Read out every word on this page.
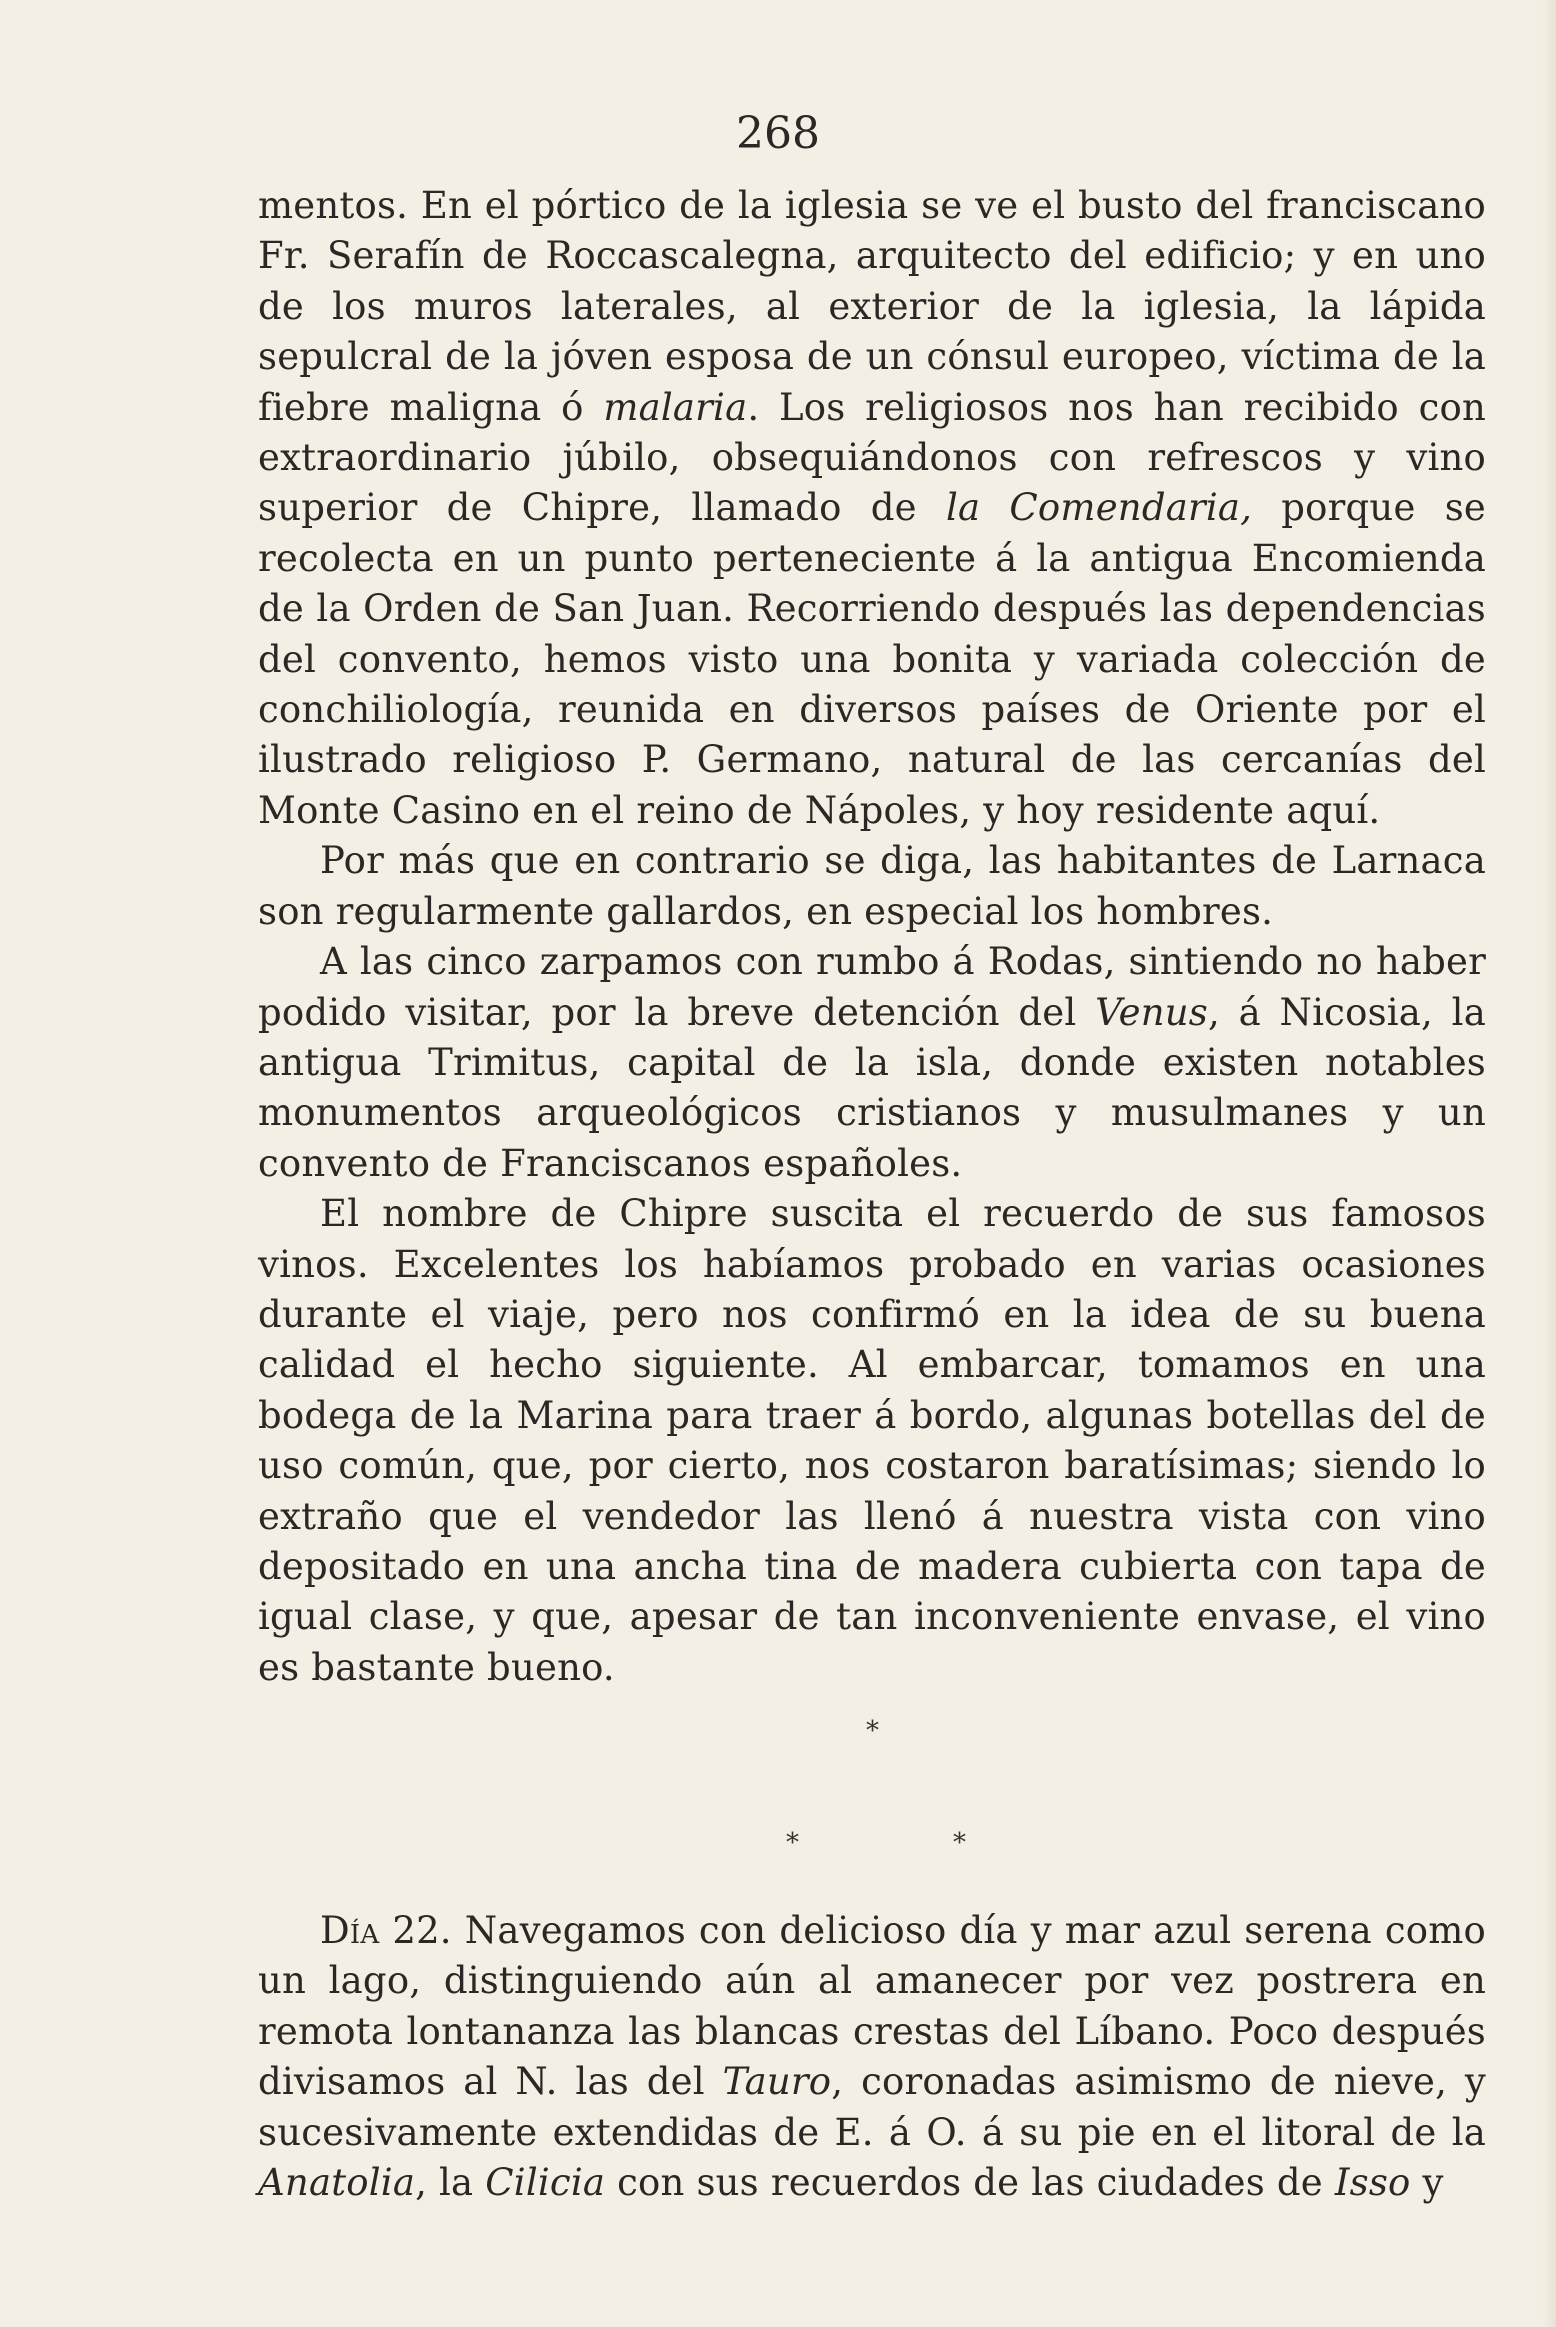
268

mentos. En el pórtico de la iglesia se ve el busto del franciscano Fr. Serafín de Roccascalegna, arquitecto del edificio; y en uno de los muros laterales, al exterior de la iglesia, la lápida sepulcral de la jóven esposa de un cónsul europeo, víctima de la fiebre maligna ó malaria. Los religiosos nos han recibido con extraordinario júbilo, obsequiándonos con refrescos y vino superior de Chipre, llamado de la Comendaria, porque se recolecta en un punto perteneciente á la antigua Encomienda de la Orden de San Juan. Recorriendo después las dependencias del convento, hemos visto una bonita y variada colección de conchiliología, reunida en diversos países de Oriente por el ilustrado religioso P. Germano, natural de las cercanías del Monte Casino en el reino de Nápoles, y hoy residente aquí.

Por más que en contrario se diga, las habitantes de Larnaca son regularmente gallardos, en especial los hombres.

A las cinco zarpamos con rumbo á Rodas, sintiendo no haber podido visitar, por la breve detención del Venus, á Nicosia, la antigua Trimitus, capital de la isla, donde existen notables monumentos arqueológicos cristianos y musulmanes y un convento de Franciscanos españoles.

El nombre de Chipre suscita el recuerdo de sus famosos vinos. Excelentes los habíamos probado en varias ocasiones durante el viaje, pero nos confirmó en la idea de su buena calidad el hecho siguiente. Al embarcar, tomamos en una bodega de la Marina para traer á bordo, algunas botellas del de uso común, que, por cierto, nos costaron baratísimas; siendo lo extraño que el vendedor las llenó á nuestra vista con vino depositado en una ancha tina de madera cubierta con tapa de igual clase, y que, apesar de tan inconveniente envase, el vino es bastante bueno.

*
*	*

Día 22. Navegamos con delicioso día y mar azul serena como un lago, distinguiendo aún al amanecer por vez postrera en remota lontananza las blancas crestas del Líbano. Poco después divisamos al N. las del Tauro, coronadas asimismo de nieve, y sucesivamente extendidas de E. á O. á su pie en el litoral de la Anatolia, la Cilicia con sus recuerdos de las ciudades de Isso y
